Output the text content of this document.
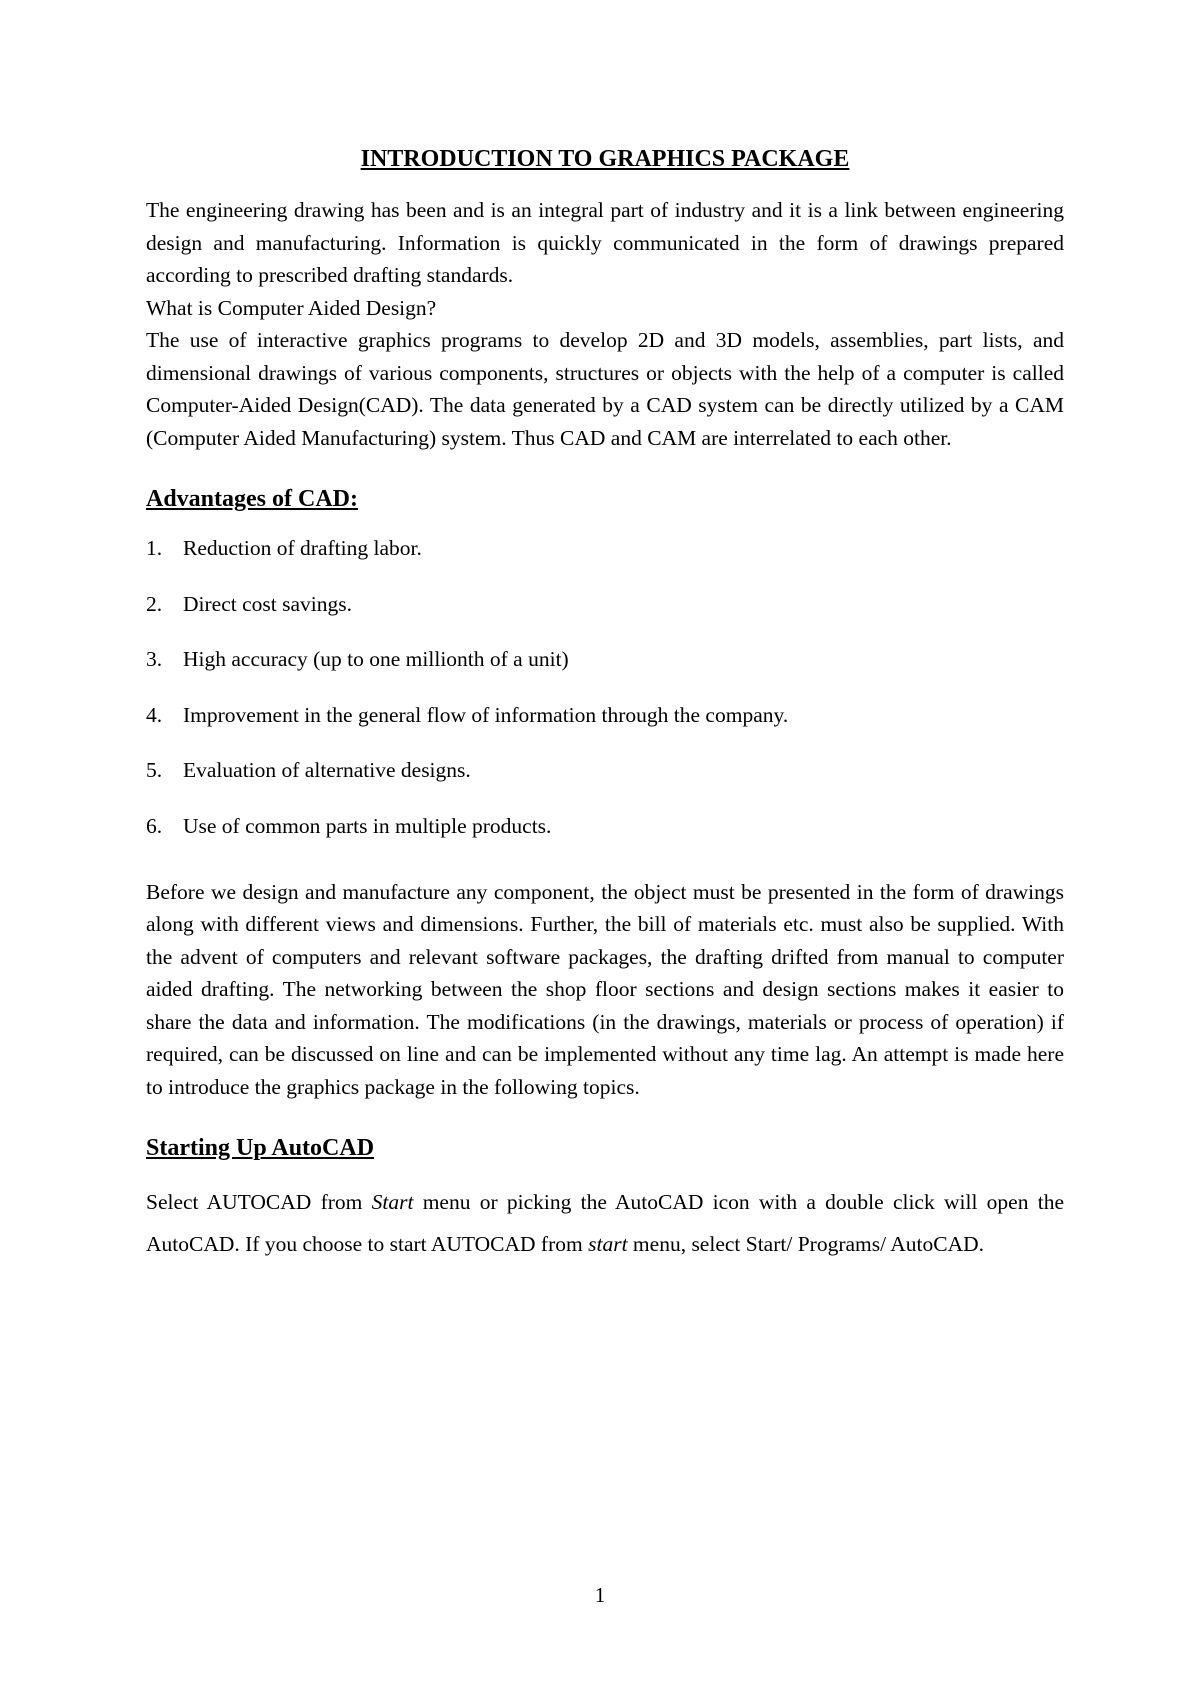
INTRODUCTION TO GRAPHICS PACKAGE

The engineering drawing has been and is an integral part of industry and it is a link between engineering design and manufacturing. Information is quickly communicated in the form of drawings prepared according to prescribed drafting standards.

What is Computer Aided Design?

The use of interactive graphics programs to develop 2D and 3D models, assemblies, part lists, and dimensional drawings of various components, structures or objects with the help of a computer is called Computer-Aided Design(CAD). The data generated by a CAD system can be directly utilized by a CAM (Computer Aided Manufacturing) system. Thus CAD and CAM are interrelated to each other.

Advantages of CAD:
1. Reduction of drafting labor.
2. Direct cost savings.
3. High accuracy (up to one millionth of a unit)
4. Improvement in the general flow of information through the company.
5. Evaluation of alternative designs.
6. Use of common parts in multiple products.

Before we design and manufacture any component, the object must be presented in the form of drawings along with different views and dimensions. Further, the bill of materials etc. must also be supplied. With the advent of computers and relevant software packages, the drafting drifted from manual to computer aided drafting. The networking between the shop floor sections and design sections makes it easier to share the data and information. The modifications (in the drawings, materials or process of operation) if required, can be discussed on line and can be implemented without any time lag. An attempt is made here to introduce the graphics package in the following topics.

Starting Up AutoCAD

Select AUTOCAD from Start menu or picking the AutoCAD icon with a double click will open the AutoCAD. If you choose to start AUTOCAD from start menu, select Start/ Programs/ AutoCAD.

1
